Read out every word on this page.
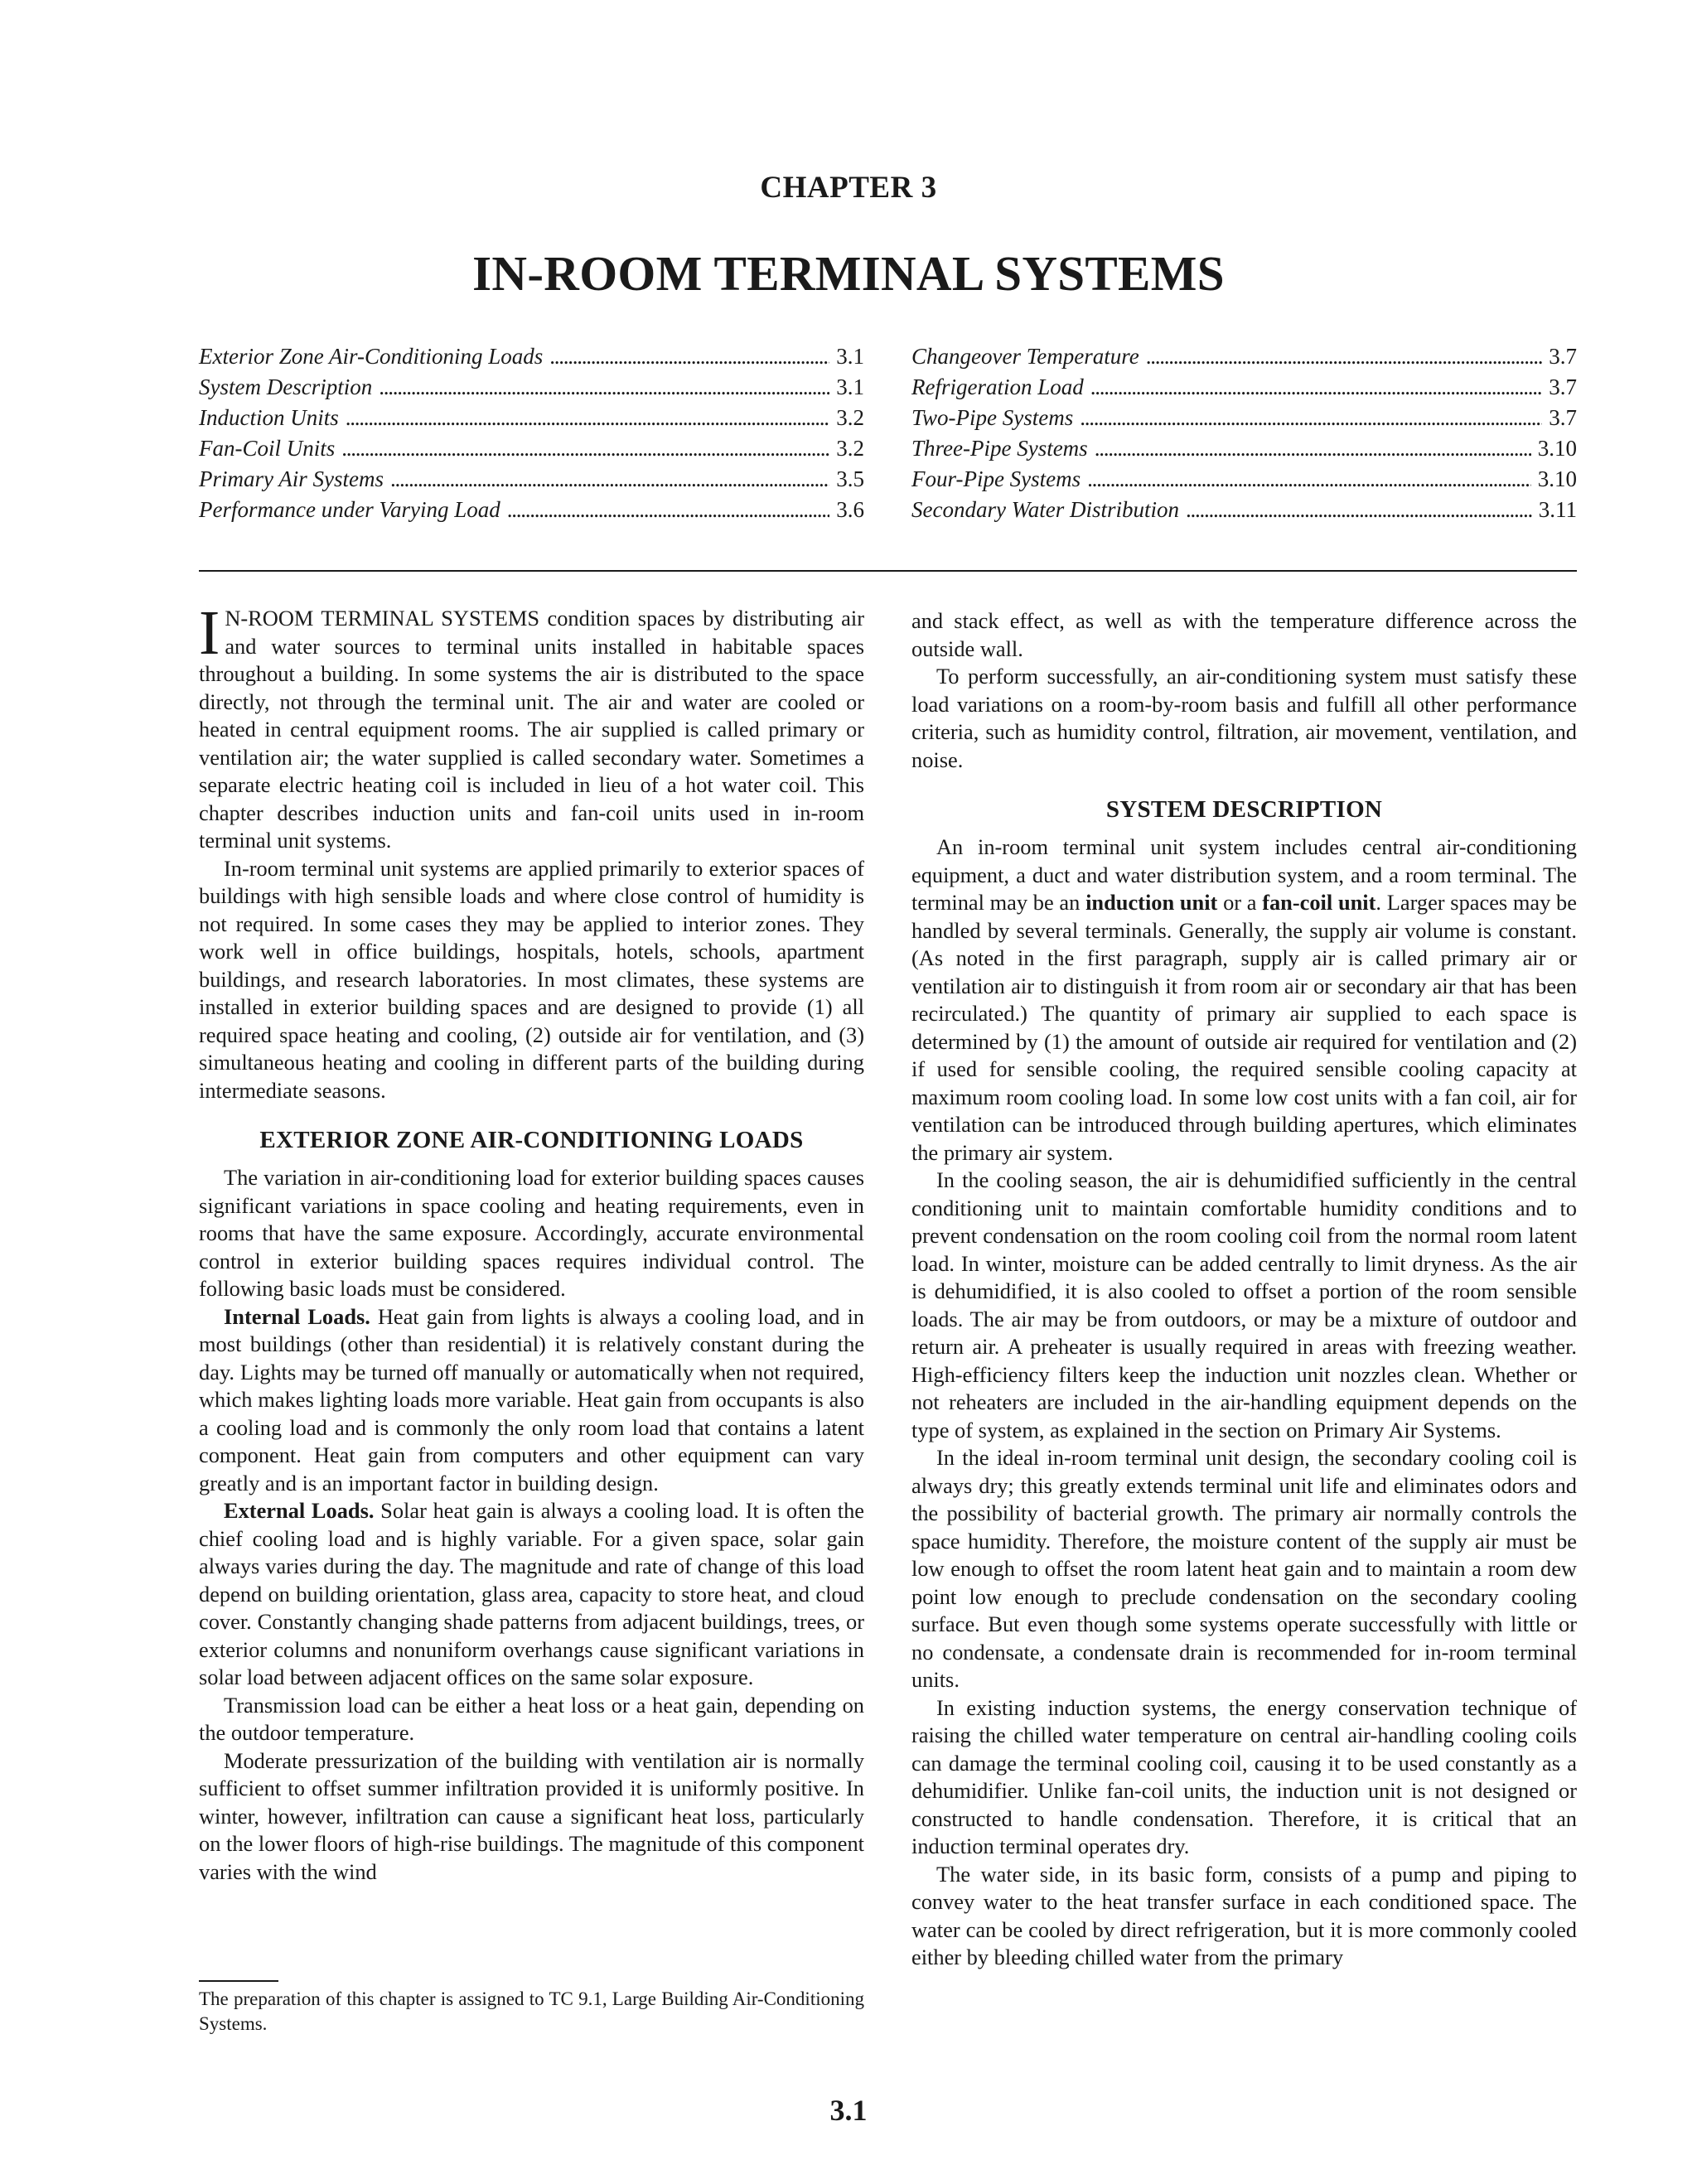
CHAPTER 3
IN-ROOM TERMINAL SYSTEMS
Exterior Zone Air-Conditioning Loads . . .	3.1
System Description . . .	3.1
Induction Units . . .	3.2
Fan-Coil Units . . .	3.2
Primary Air Systems . . .	3.5
Performance under Varying Load . . .	3.6
Changeover Temperature . . .	3.7
Refrigeration Load . . .	3.7
Two-Pipe Systems . . .	3.7
Three-Pipe Systems . . .	3.10
Four-Pipe Systems . . .	3.10
Secondary Water Distribution . . .	3.11

I N-ROOM TERMINAL SYSTEMS condition spaces by distributing air and water sources to terminal units installed in habitable spaces throughout a building. In some systems the air is distributed to the space directly, not through the terminal unit. The air and water are cooled or heated in central equipment rooms. The air supplied is called primary or ventilation air; the water supplied is called secondary water. Sometimes a separate electric heating coil is included in lieu of a hot water coil. This chapter describes induction units and fan-coil units used in in-room terminal unit systems.

In-room terminal unit systems are applied primarily to exterior spaces of buildings with high sensible loads and where close control of humidity is not required. In some cases they may be applied to interior zones. They work well in office buildings, hospitals, hotels, schools, apartment buildings, and research laboratories. In most climates, these systems are installed in exterior building spaces and are designed to provide (1) all required space heating and cooling, (2) outside air for ventilation, and (3) simultaneous heating and cooling in different parts of the building during intermediate seasons.

EXTERIOR ZONE AIR-CONDITIONING LOADS

The variation in air-conditioning load for exterior building spaces causes significant variations in space cooling and heating requirements, even in rooms that have the same exposure. Accordingly, accurate environmental control in exterior building spaces requires individual control. The following basic loads must be considered.

Internal Loads. Heat gain from lights is always a cooling load, and in most buildings (other than residential) it is relatively constant during the day. Lights may be turned off manually or automatically when not required, which makes lighting loads more variable. Heat gain from occupants is also a cooling load and is commonly the only room load that contains a latent component. Heat gain from computers and other equipment can vary greatly and is an important factor in building design.

External Loads. Solar heat gain is always a cooling load. It is often the chief cooling load and is highly variable. For a given space, solar gain always varies during the day. The magnitude and rate of change of this load depend on building orientation, glass area, capacity to store heat, and cloud cover. Constantly changing shade patterns from adjacent buildings, trees, or exterior columns and nonuniform overhangs cause significant variations in solar load between adjacent offices on the same solar exposure.

Transmission load can be either a heat loss or a heat gain, depending on the outdoor temperature.

Moderate pressurization of the building with ventilation air is normally sufficient to offset summer infiltration provided it is uniformly positive. In winter, however, infiltration can cause a significant heat loss, particularly on the lower floors of high-rise buildings. The magnitude of this component varies with the wind

and stack effect, as well as with the temperature difference across the outside wall.

To perform successfully, an air-conditioning system must satisfy these load variations on a room-by-room basis and fulfill all other performance criteria, such as humidity control, filtration, air movement, ventilation, and noise.

SYSTEM DESCRIPTION

An in-room terminal unit system includes central air-conditioning equipment, a duct and water distribution system, and a room terminal. The terminal may be an induction unit or a fan-coil unit. Larger spaces may be handled by several terminals. Generally, the supply air volume is constant. (As noted in the first paragraph, supply air is called primary air or ventilation air to distinguish it from room air or secondary air that has been recirculated.) The quantity of primary air supplied to each space is determined by (1) the amount of outside air required for ventilation and (2) if used for sensible cooling, the required sensible cooling capacity at maximum room cooling load. In some low cost units with a fan coil, air for ventilation can be introduced through building apertures, which eliminates the primary air system.

In the cooling season, the air is dehumidified sufficiently in the central conditioning unit to maintain comfortable humidity conditions and to prevent condensation on the room cooling coil from the normal room latent load. In winter, moisture can be added centrally to limit dryness. As the air is dehumidified, it is also cooled to offset a portion of the room sensible loads. The air may be from outdoors, or may be a mixture of outdoor and return air. A preheater is usually required in areas with freezing weather. High-efficiency filters keep the induction unit nozzles clean. Whether or not reheaters are included in the air-handling equipment depends on the type of system, as explained in the section on Primary Air Systems.

In the ideal in-room terminal unit design, the secondary cooling coil is always dry; this greatly extends terminal unit life and eliminates odors and the possibility of bacterial growth. The primary air normally controls the space humidity. Therefore, the moisture content of the supply air must be low enough to offset the room latent heat gain and to maintain a room dew point low enough to preclude condensation on the secondary cooling surface. But even though some systems operate successfully with little or no condensate, a condensate drain is recommended for in-room terminal units.

In existing induction systems, the energy conservation technique of raising the chilled water temperature on central air-handling cooling coils can damage the terminal cooling coil, causing it to be used constantly as a dehumidifier. Unlike fan-coil units, the induction unit is not designed or constructed to handle condensation. Therefore, it is critical that an induction terminal operates dry.

The water side, in its basic form, consists of a pump and piping to convey water to the heat transfer surface in each conditioned space. The water can be cooled by direct refrigeration, but it is more commonly cooled either by bleeding chilled water from the primary

The preparation of this chapter is assigned to TC 9.1, Large Building Air-Conditioning Systems.
3.1
